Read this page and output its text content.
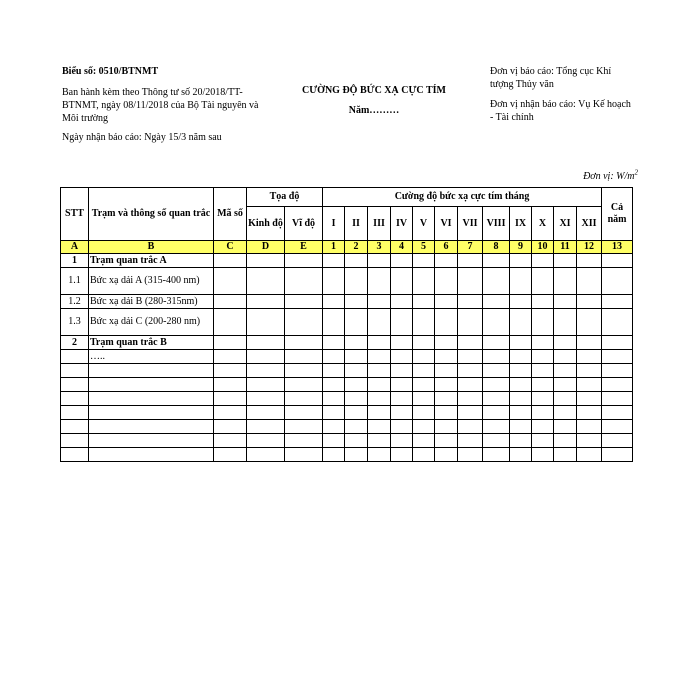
Biểu số: 0510/BTNMT
Ban hành kèm theo Thông tư số 20/2018/TT-BTNMT, ngày 08/11/2018 của Bộ Tài nguyên và Môi trường
Ngày nhận báo cáo: Ngày 15/3 năm sau
CƯỜNG ĐỘ BỨC XẠ CỰC TÍM
Năm………
Đơn vị báo cáo: Tổng cục Khí tượng Thủy văn
Đơn vị nhận báo cáo: Vụ Kế hoạch - Tài chính
Đơn vị: $W/m^2$
STT	Trạm và thông số quan trắc	Mã số	Tọa độ		Cường độ bức xạ cực tím tháng												Cả năm
			Kinh độ	Vĩ độ	I	II	III	IV	V	VI	VII	VIII	IX	X	XI	XII	
A	B	C	D	E	1	2	3	4	5	6	7	8	9	10	11	12	13
1	Trạm quan trắc A																
1.1	Bức xạ dải A (315-400 nm)																
1.2	Bức xạ dải B (280-315nm)																
1.3	Bức xạ dải C (200-280 nm)																
2	Trạm quan trắc B																
	…..																
